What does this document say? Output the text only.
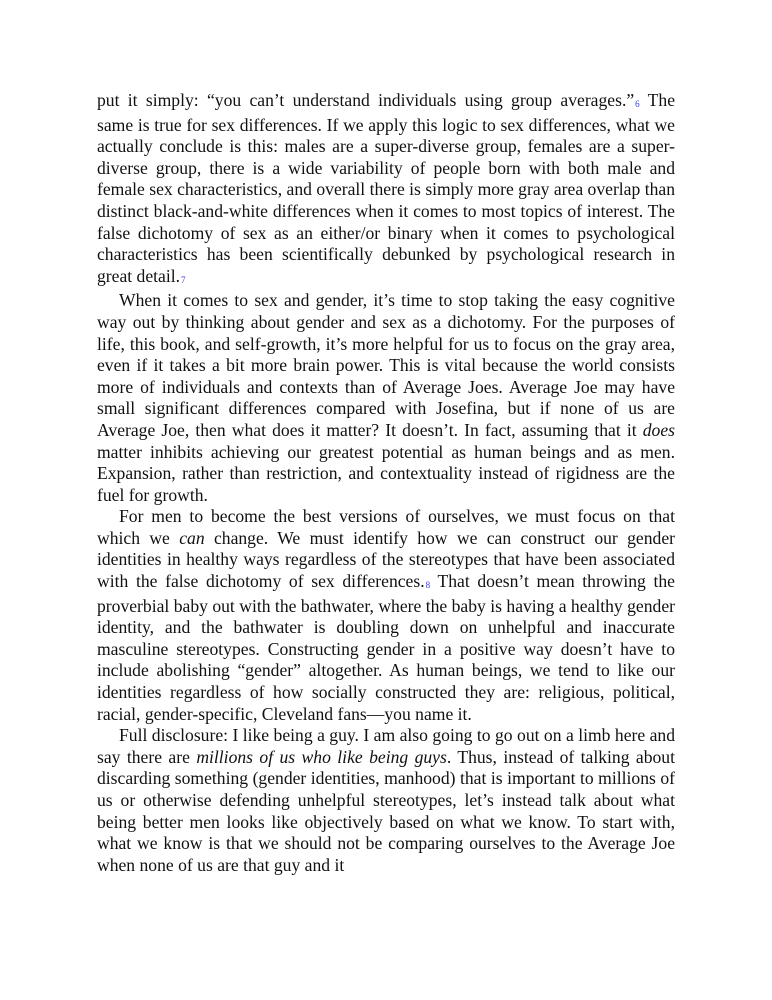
put it simply: “you can’t understand individuals using group averages.”$^6$ The same is true for sex differences. If we apply this logic to sex differences, what we actually conclude is this: males are a super-diverse group, females are a super-diverse group, there is a wide variability of people born with both male and female sex characteristics, and overall there is simply more gray area overlap than distinct black-and-white differences when it comes to most topics of interest. The false dichotomy of sex as an either/or binary when it comes to psychological characteristics has been scientifically debunked by psychological research in great detail.$^7$

When it comes to sex and gender, it’s time to stop taking the easy cognitive way out by thinking about gender and sex as a dichotomy. For the purposes of life, this book, and self-growth, it’s more helpful for us to focus on the gray area, even if it takes a bit more brain power. This is vital because the world consists more of individuals and contexts than of Average Joes. Average Joe may have small significant differences compared with Josefina, but if none of us are Average Joe, then what does it matter? It doesn’t. In fact, assuming that it does matter inhibits achieving our greatest potential as human beings and as men. Expansion, rather than restriction, and contextuality instead of rigidness are the fuel for growth.

For men to become the best versions of ourselves, we must focus on that which we can change. We must identify how we can construct our gender identities in healthy ways regardless of the stereotypes that have been associated with the false dichotomy of sex differences.$^8$ That doesn’t mean throwing the proverbial baby out with the bathwater, where the baby is having a healthy gender identity, and the bathwater is doubling down on unhelpful and inaccurate masculine stereotypes. Constructing gender in a positive way doesn’t have to include abolishing “gender” altogether. As human beings, we tend to like our identities regardless of how socially constructed they are: religious, political, racial, gender-specific, Cleveland fans—you name it.

Full disclosure: I like being a guy. I am also going to go out on a limb here and say there are millions of us who like being guys. Thus, instead of talking about discarding something (gender identities, manhood) that is important to millions of us or otherwise defending unhelpful stereotypes, let’s instead talk about what being better men looks like objectively based on what we know. To start with, what we know is that we should not be comparing ourselves to the Average Joe when none of us are that guy and it
